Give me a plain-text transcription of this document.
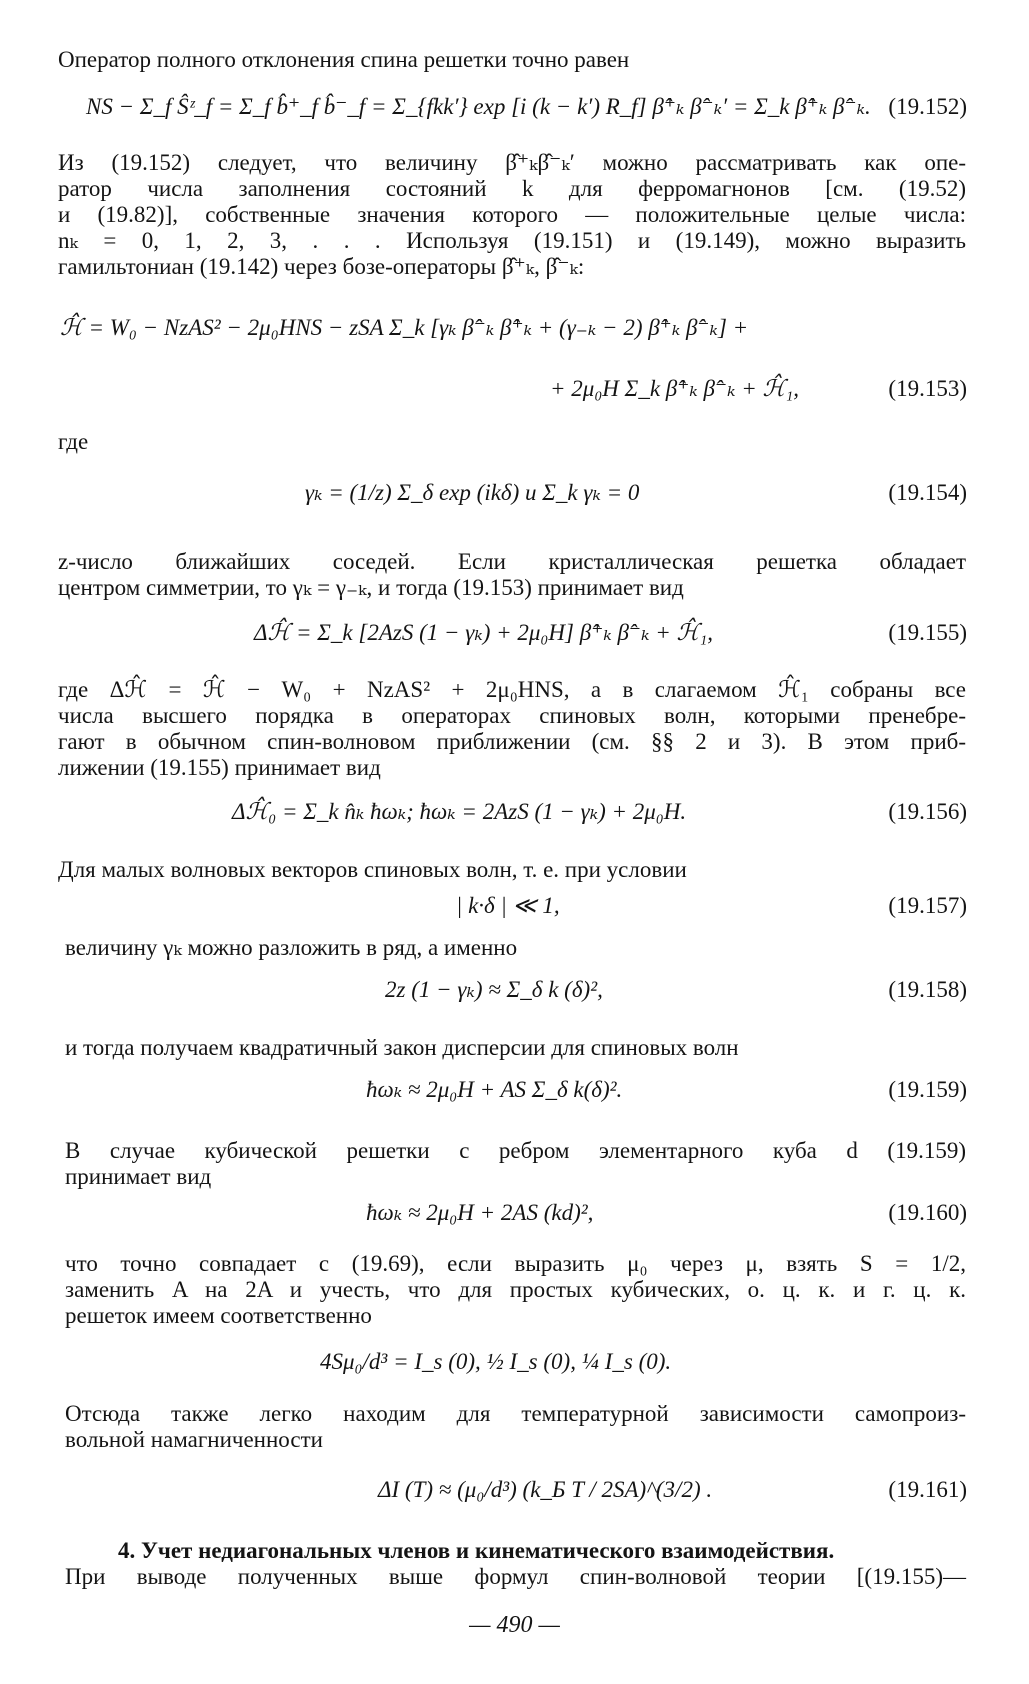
Оператор полного отклонения спина решетки точно равен
NS − Σ_f Ŝᶻ_f = Σ_f b̂⁺_f b̂⁻_f = Σ_{fkk′} exp [i (k − k′) R_f] β̂⁺ₖ β̂⁻ₖ′ = Σ_k β̂⁺ₖ β̂⁻ₖ. (19.152)
Из (19.152) следует, что величину β̂⁺ₖβ̂⁻ₖ′ можно рассматривать как опе-
ратор числа заполнения состояний k для ферромагнонов [см. (19.52)
и (19.82)], собственные значения которого — положительные целые числа:
nₖ = 0, 1, 2, 3, . . . Используя (19.151) и (19.149), можно выразить
гамильтониан (19.142) через бозе-операторы β̂⁺ₖ, β̂⁻ₖ:
ℋ̂ = W₀ − NzAS² − 2μ₀HNS − zSA Σ_k [γₖ β̂⁻ₖ β̂⁺ₖ + (γ₋ₖ − 2) β̂⁺ₖ β̂⁻ₖ] +
+ 2μ₀H Σ_k β̂⁺ₖ β̂⁻ₖ + ℋ̂₁,	(19.153)
где
γₖ = (1/z) Σ_δ exp (ikδ) и Σ_k γₖ = 0	(19.154)
z-число ближайших соседей. Если кристаллическая решетка обладает
центром симметрии, то γₖ = γ₋ₖ, и тогда (19.153) принимает вид
Δℋ̂ = Σ_k [2AzS (1 − γₖ) + 2μ₀H] β̂⁺ₖ β̂⁻ₖ + ℋ̂₁,	(19.155)
где Δℋ̂ = ℋ̂ − W₀ + NzAS² + 2μ₀HNS, а в слагаемом ℋ̂₁ собраны все
числа высшего порядка в операторах спиновых волн, которыми пренебре-
гают в обычном спин-волновом приближении (см. §§ 2 и 3). В этом приб-
лижении (19.155) принимает вид
Δℋ̂₀ = Σ_k n̂ₖ ħωₖ; ħωₖ = 2AzS (1 − γₖ) + 2μ₀H.	(19.156)
Для малых волновых векторов спиновых волн, т. е. при условии
| k·δ | ≪ 1,	(19.157)
величину γₖ можно разложить в ряд, а именно
2z (1 − γₖ) ≈ Σ_δ k (δ)²,	(19.158)
и тогда получаем квадратичный закон дисперсии для спиновых волн
ħωₖ ≈ 2μ₀H + AS Σ_δ k(δ)².	(19.159)
В случае кубической решетки с ребром элементарного куба d (19.159)
принимает вид
ħωₖ ≈ 2μ₀H + 2AS (kd)²,	(19.160)
что точно совпадает с (19.69), если выразить μ₀ через μ, взять S = 1/2,
заменить A на 2A и учесть, что для простых кубических, о. ц. к. и г. ц. к.
решеток имеем соответственно
4Sμ₀/d³ = I_s (0), ½ I_s (0), ¼ I_s (0).
Отсюда также легко находим для температурной зависимости самопроиз-
вольной намагниченности
ΔI (T) ≈ (μ₀/d³) (k_Б T / 2SA)^(3/2) .	(19.161)
4. Учет недиагональных членов и кинематического взаимодействия.
При выводе полученных выше формул спин-волновой теории [(19.155)—
— 490 —
